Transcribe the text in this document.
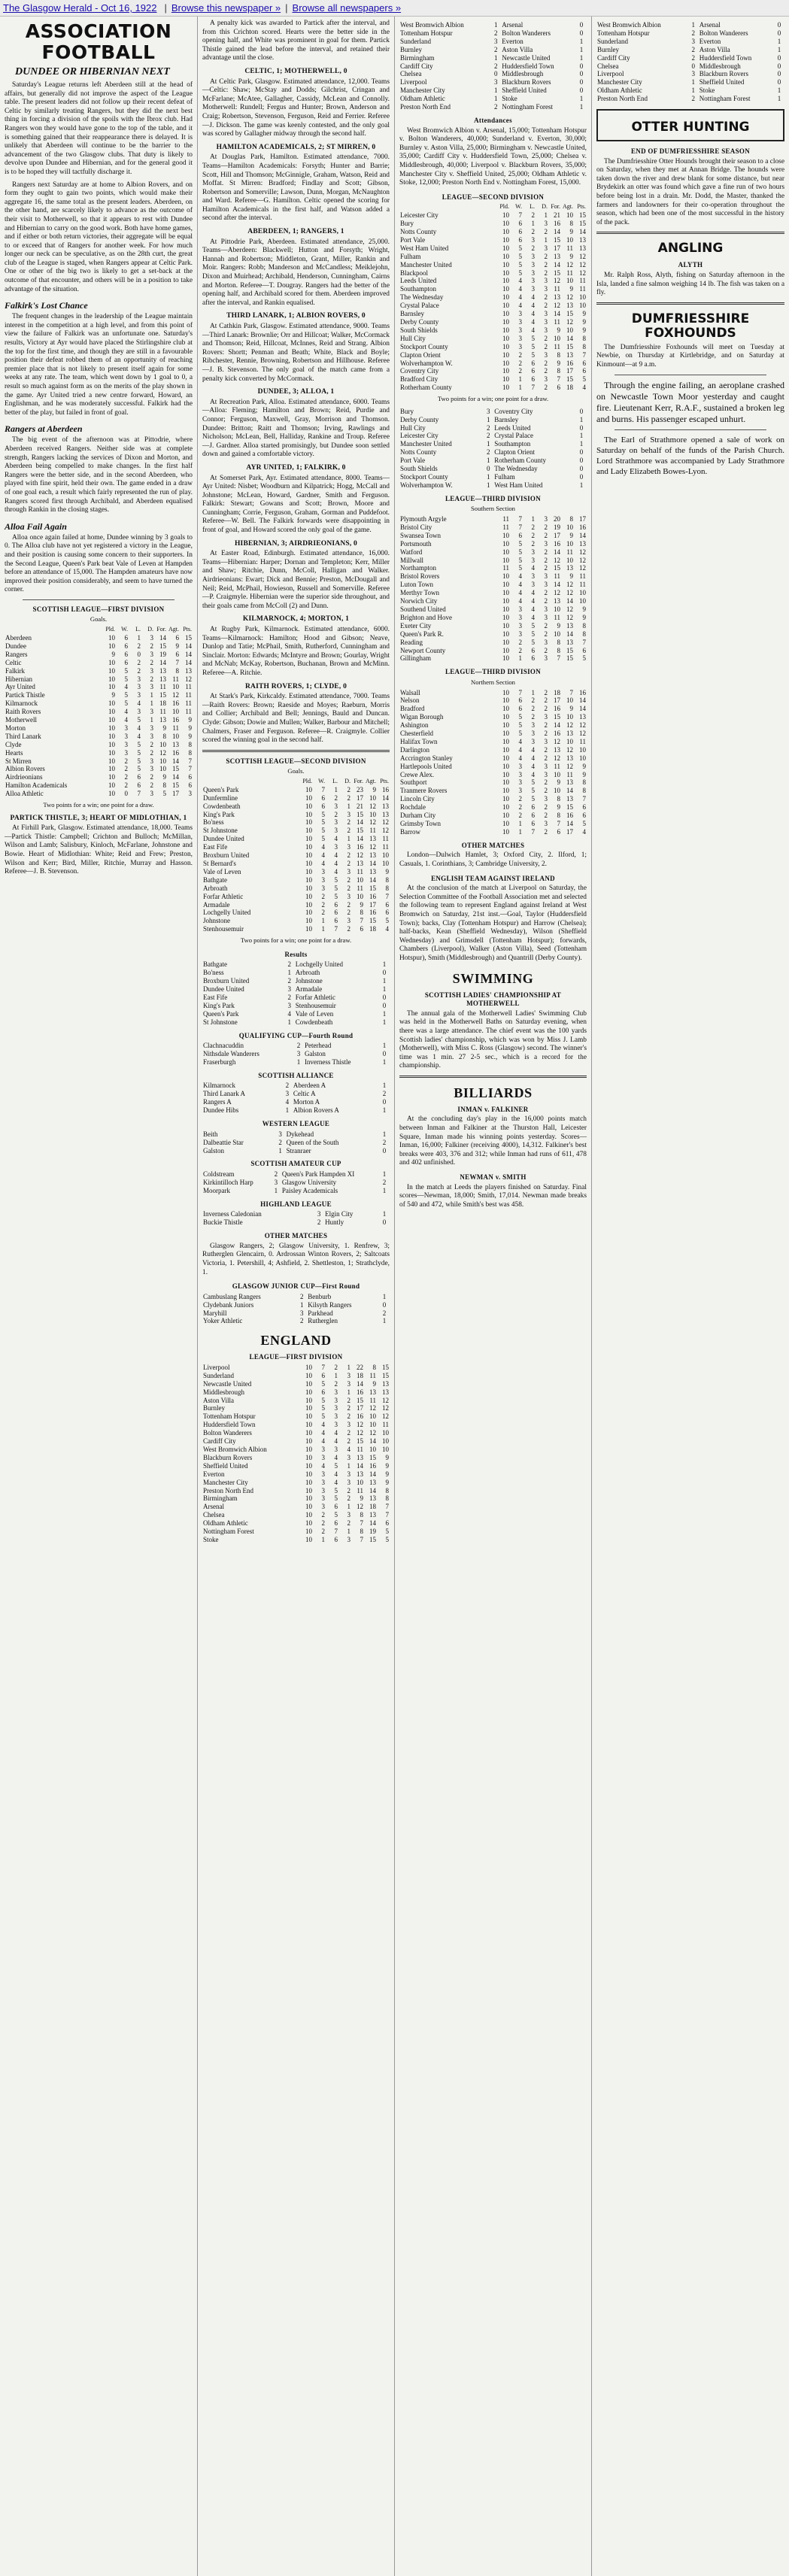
The Glasgow Herald - Oct 16, 1922 | Browse this newspaper » | Browse all newspapers »
ASSOCIATION FOOTBALL
DUNDEE OR HIBERNIAN NEXT

Saturday's League returns left Aberdeen still at the head of affairs, but generally did not improve the aspect of the League table. The present leaders did not follow up their recent defeat of Celtic by similarly treating Rangers, but they did the next best thing in forcing a division of the spoils with the Ibrox club. Had Rangers won they would have gone to the top of the table, and it is something gained that their reappearance there is delayed. It is unlikely that Aberdeen will continue to be the barrier to the advancement of the two Glasgow clubs. That duty is likely to devolve upon Dundee and Hibernian, and for the general good it is to be hoped they will tactfully discharge it.

Rangers next Saturday are at home to Albion Rovers, and on form they ought to gain two points, which would make their aggregate 16, the same total as the present leaders. Aberdeen, on the other hand, are scarcely likely to advance as the outcome of their visit to Motherwell, so that it appears to rest with Dundee and Hibernian to carry on the good work. Both have home games, and if either or both return victories, their aggregate will be equal to or exceed that of Rangers for another week. For how much longer our neck can be speculative, as on the 28th curt, the great club of the League is staged, when Rangers appear at Celtic Park. One or other of the big two is likely to get a set-back at the outcome of that encounter, and others will be in a position to take advantage of the situation.

Falkirk's Lost Chance

The frequent changes in the leadership of the League maintain interest in the competition at a high level, and from this point of view the failure of Falkirk was an unfortunate one. Saturday's results, Victory at Ayr would have placed the Stirlingshire club at the top for the first time, and though they are still in a favourable position their defeat robbed them of an opportunity of reaching premier place that is not likely to present itself again for some weeks at any rate. The team, which went down by 1 goal to 0, a result so much against form as on the merits of the play shown in the game. Ayr United tried a new centre forward, Howard, an Englishman, and he was moderately successful. Falkirk had the better of the play, but failed in front of goal.

Rangers at Aberdeen

The big event of the afternoon was at Pittodrie, where Aberdeen received Rangers. Neither side was at complete strength, Rangers lacking the services of Dixon and Morton, and Aberdeen being compelled to make changes. In the first half Rangers were the better side, and in the second Aberdeen, who played with fine spirit, held their own. The game ended in a draw of one goal each, a result which fairly represented the run of play. Rangers scored first through Archibald, and Aberdeen equalised through Rankin in the closing stages.

Alloa Fail Again

Alloa once again failed at home, Dundee winning by 3 goals to 0. The Alloa club have not yet registered a victory in the League, and their position is causing some concern to their supporters. In the Second League, Queen's Park beat Vale of Leven at Hampden before an attendance of 15,000. The Hampden amateurs have now improved their position considerably, and seem to have turned the corner.

SCOTTISH LEAGUE—FIRST DIVISION
Goals.
	Pld.	W.	L.	D.	For.	Agt.	Pts.
Aberdeen	10	6	1	3	14	6	15
Dundee	10	6	2	2	15	9	14
Rangers	9	6	0	3	19	6	14
Celtic	10	6	2	2	14	7	14
Falkirk	10	5	2	3	13	8	13
Hibernian	10	5	3	2	13	11	12
Ayr United	10	4	3	3	11	10	11
Partick Thistle	9	5	3	1	15	12	11
Kilmarnock	10	5	4	1	18	16	11
Raith Rovers	10	4	3	3	11	10	11
Motherwell	10	4	5	1	13	16	9
Morton	10	3	4	3	9	11	9
Third Lanark	10	3	4	3	8	10	9
Clyde	10	3	5	2	10	13	8
Hearts	10	3	5	2	12	16	8
St Mirren	10	2	5	3	10	14	7
Albion Rovers	10	2	5	3	10	15	7
Airdrieonians	10	2	6	2	9	14	6
Hamilton Academicals	10	2	6	2	8	15	6
Alloa Athletic	10	0	7	3	5	17	3
Two points for a win; one point for a draw.
PARTICK THISTLE, 3; HEART OF MIDLOTHIAN, 1

At Firhill Park, Glasgow. Estimated attendance, 18,000. Teams—Partick Thistle: Campbell; Crichton and Bulloch; McMillan, Wilson and Lamb; Salisbury, Kinloch, McFarlane, Johnstone and Bowie. Heart of Midlothian: White; Reid and Frew; Preston, Wilson and Kerr; Bird, Miller, Ritchie, Murray and Hasson. Referee—J. B. Stevenson.

A penalty kick was awarded to Partick after the interval, and from this Crichton scored. Hearts were the better side in the opening half, and White was prominent in goal for them. Partick Thistle gained the lead before the interval, and retained their advantage until the close.

CELTIC, 1; MOTHERWELL, 0

At Celtic Park, Glasgow. Estimated attendance, 12,000. Teams—Celtic: Shaw; McStay and Dodds; Gilchrist, Cringan and McFarlane; McAtee, Gallagher, Cassidy, McLean and Connolly. Motherwell: Rundell; Fergus and Hunter; Brown, Anderson and Craig; Robertson, Stevenson, Ferguson, Reid and Ferrier. Referee—J. Dickson. The game was keenly contested, and the only goal was scored by Gallagher midway through the second half.

HAMILTON ACADEMICALS, 2; ST MIRREN, 0

At Douglas Park, Hamilton. Estimated attendance, 7000. Teams—Hamilton Academicals: Forsyth; Hunter and Barrie; Scott, Hill and Thomson; McGinnigle, Graham, Watson, Reid and Moffat. St Mirren: Bradford; Findlay and Scott; Gibson, Robertson and Somerville; Lawson, Dunn, Morgan, McNaughton and Ward. Referee—G. Hamilton. Celtic opened the scoring for Hamilton Academicals in the first half, and Watson added a second after the interval.

ABERDEEN, 1; RANGERS, 1

At Pittodrie Park, Aberdeen. Estimated attendance, 25,000. Teams—Aberdeen: Blackwell; Hutton and Forsyth; Wright, Hannah and Robertson; Middleton, Grant, Miller, Rankin and Moir. Rangers: Robb; Manderson and McCandless; Meiklejohn, Dixon and Muirhead; Archibald, Henderson, Cunningham, Cairns and Morton. Referee—T. Dougray. Rangers had the better of the opening half, and Archibald scored for them. Aberdeen improved after the interval, and Rankin equalised.

THIRD LANARK, 1; ALBION ROVERS, 0

At Cathkin Park, Glasgow. Estimated attendance, 9000. Teams—Third Lanark: Brownlie; Orr and Hillcoat; Walker, McCormack and Thomson; Reid, Hillcoat, McInnes, Reid and Strang. Albion Rovers: Shortt; Penman and Beath; White, Black and Boyle; Ribchester, Rennie, Browning, Robertson and Hillhouse. Referee—J. B. Stevenson. The only goal of the match came from a penalty kick converted by McCormack.

DUNDEE, 3; ALLOA, 1

At Recreation Park, Alloa. Estimated attendance, 6000. Teams—Alloa: Fleming; Hamilton and Brown; Reid, Purdie and Connor; Ferguson, Maxwell, Gray, Morrison and Thomson. Dundee: Britton; Raitt and Thomson; Irving, Rawlings and Nicholson; McLean, Bell, Halliday, Rankine and Troup. Referee—J. Gardner. Alloa started promisingly, but Dundee soon settled down and gained a comfortable victory.

AYR UNITED, 1; FALKIRK, 0

At Somerset Park, Ayr. Estimated attendance, 8000. Teams—Ayr United: Nisbet; Woodburn and Kilpatrick; Hogg, McCall and Johnstone; McLean, Howard, Gardner, Smith and Ferguson. Falkirk: Stewart; Gowans and Scott; Brown, Moore and Cunningham; Corrie, Ferguson, Graham, Gorman and Puddefoot. Referee—W. Bell. The Falkirk forwards were disappointing in front of goal, and Howard scored the only goal of the game.

HIBERNIAN, 3; AIRDRIEONIANS, 0

At Easter Road, Edinburgh. Estimated attendance, 16,000. Teams—Hibernian: Harper; Dornan and Templeton; Kerr, Miller and Shaw; Ritchie, Dunn, McColl, Halligan and Walker. Airdrieonians: Ewart; Dick and Bennie; Preston, McDougall and Neil; Reid, McPhail, Howieson, Russell and Somerville. Referee—P. Craigmyle. Hibernian were the superior side throughout, and their goals came from McColl (2) and Dunn.

KILMARNOCK, 4; MORTON, 1

At Rugby Park, Kilmarnock. Estimated attendance, 6000. Teams—Kilmarnock: Hamilton; Hood and Gibson; Neave, Dunlop and Tatie; McPhail, Smith, Rutherford, Cunningham and Sinclair. Morton: Edwards; McIntyre and Brown; Gourlay, Wright and McNab; McKay, Robertson, Buchanan, Brown and McMinn. Referee—A. Ritchie.

RAITH ROVERS, 1; CLYDE, 0

At Stark's Park, Kirkcaldy. Estimated attendance, 7000. Teams—Raith Rovers: Brown; Raeside and Moyes; Raeburn, Morris and Collier; Archibald and Bell; Jennings, Bauld and Duncan. Clyde: Gibson; Dowie and Mullen; Walker, Barbour and Mitchell; Chalmers, Fraser and Ferguson. Referee—R. Craigmyle. Collier scored the winning goal in the second half.

SCOTTISH LEAGUE—SECOND DIVISION
Goals.
	Pld.	W.	L.	D.	For.	Agt.	Pts.
Queen's Park	10	7	1	2	23	9	16
Dunfermline	10	6	2	2	17	10	14
Cowdenbeath	10	6	3	1	21	12	13
King's Park	10	5	2	3	15	10	13
Bo'ness	10	5	3	2	14	12	12
St Johnstone	10	5	3	2	15	11	12
Dundee United	10	5	4	1	14	13	11
East Fife	10	4	3	3	16	12	11
Broxburn United	10	4	4	2	12	13	10
St Bernard's	10	4	4	2	13	14	10
Vale of Leven	10	3	4	3	11	13	9
Bathgate	10	3	5	2	10	14	8
Arbroath	10	3	5	2	11	15	8
Forfar Athletic	10	2	5	3	10	16	7
Armadale	10	2	6	2	9	17	6
Lochgelly United	10	2	6	2	8	16	6
Johnstone	10	1	6	3	7	15	5
Stenhousemuir	10	1	7	2	6	18	4
Two points for a win; one point for a draw.
Results
Bathgate	2	Lochgelly United	1
Bo'ness	1	Arbroath	0
Broxburn United	2	Johnstone	1
Dundee United	3	Armadale	1
East Fife	2	Forfar Athletic	0
King's Park	3	Stenhousemuir	0
Queen's Park	4	Vale of Leven	1
St Johnstone	1	Cowdenbeath	1
QUALIFYING CUP—Fourth Round
Clachnacuddin	2	Peterhead	1
Nithsdale Wanderers	3	Galston	0
Fraserburgh	1	Inverness Thistle	1
SCOTTISH ALLIANCE
Kilmarnock	2	Aberdeen A	1
Third Lanark A	3	Celtic A	2
Rangers A	4	Morton A	0
Dundee Hibs	1	Albion Rovers A	1
WESTERN LEAGUE
Beith	3	Dykehead	1
Dalbeattie Star	2	Queen of the South	2
Galston	1	Stranraer	0
SCOTTISH AMATEUR CUP
Coldstream	2	Queen's Park Hampden XI	1
Kirkintilloch Harp	3	Glasgow University	2
Moorpark	1	Paisley Academicals	1
HIGHLAND LEAGUE
Inverness Caledonian	3	Elgin City	1
Buckie Thistle	2	Huntly	0
OTHER MATCHES

Glasgow Rangers, 2; Glasgow University, 1. Renfrew, 3; Rutherglen Glencairn, 0. Ardrossan Winton Rovers, 2; Saltcoats Victoria, 1. Petershill, 4; Ashfield, 2. Shettleston, 1; Strathclyde, 1.

GLASGOW JUNIOR CUP—First Round
Cambuslang Rangers	2	Benburb	1
Clydebank Juniors	1	Kilsyth Rangers	0
Maryhill	3	Parkhead	2
Yoker Athletic	2	Rutherglen	1
ENGLAND
LEAGUE—FIRST DIVISION
Liverpool	10	7	2	1	22	8	15
Sunderland	10	6	1	3	18	11	15
Newcastle United	10	5	2	3	14	9	13
Middlesbrough	10	6	3	1	16	13	13
Aston Villa	10	5	3	2	15	11	12
Burnley	10	5	3	2	17	12	12
Tottenham Hotspur	10	5	3	2	16	10	12
Huddersfield Town	10	4	3	3	12	10	11
Bolton Wanderers	10	4	4	2	12	12	10
Cardiff City	10	4	4	2	15	14	10
West Bromwich Albion	10	3	3	4	11	10	10
Blackburn Rovers	10	3	4	3	13	15	9
Sheffield United	10	4	5	1	14	16	9
Everton	10	3	4	3	13	14	9
Manchester City	10	3	4	3	10	13	9
Preston North End	10	3	5	2	11	14	8
Birmingham	10	3	5	2	9	13	8
Arsenal	10	3	6	1	12	18	7
Chelsea	10	2	5	3	8	13	7
Oldham Athletic	10	2	6	2	7	14	6
Nottingham Forest	10	2	7	1	8	19	5
Stoke	10	1	6	3	7	15	5
West Bromwich Albion	1	Arsenal	0
Tottenham Hotspur	2	Bolton Wanderers	0
Sunderland	3	Everton	1
Burnley	2	Aston Villa	1
Birmingham	1	Newcastle United	1
Cardiff City	2	Huddersfield Town	0
Chelsea	0	Middlesbrough	0
Liverpool	3	Blackburn Rovers	0
Manchester City	1	Sheffield United	0
Oldham Athletic	1	Stoke	1
Preston North End	2	Nottingham Forest	1
Attendances

West Bromwich Albion v. Arsenal, 15,000; Tottenham Hotspur v. Bolton Wanderers, 40,000; Sunderland v. Everton, 30,000; Burnley v. Aston Villa, 25,000; Birmingham v. Newcastle United, 35,000; Cardiff City v. Huddersfield Town, 25,000; Chelsea v. Middlesbrough, 40,000; Liverpool v. Blackburn Rovers, 35,000; Manchester City v. Sheffield United, 25,000; Oldham Athletic v. Stoke, 12,000; Preston North End v. Nottingham Forest, 15,000.

LEAGUE—SECOND DIVISION
	Pld.	W.	L.	D.	For.	Agt.	Pts.
Leicester City	10	7	2	1	21	10	15
Bury	10	6	1	3	16	8	15
Notts County	10	6	2	2	14	9	14
Port Vale	10	6	3	1	15	10	13
West Ham United	10	5	2	3	17	11	13
Fulham	10	5	3	2	13	9	12
Manchester United	10	5	3	2	14	12	12
Blackpool	10	5	3	2	15	11	12
Leeds United	10	4	3	3	12	10	11
Southampton	10	4	3	3	11	9	11
The Wednesday	10	4	4	2	13	12	10
Crystal Palace	10	4	4	2	12	13	10
Barnsley	10	3	4	3	14	15	9
Derby County	10	3	4	3	11	12	9
South Shields	10	3	4	3	9	10	9
Hull City	10	3	5	2	10	14	8
Stockport County	10	3	5	2	11	15	8
Clapton Orient	10	2	5	3	8	13	7
Wolverhampton W.	10	2	6	2	9	16	6
Coventry City	10	2	6	2	8	17	6
Bradford City	10	1	6	3	7	15	5
Rotherham County	10	1	7	2	6	18	4
Two points for a win; one point for a draw.
Bury	3	Coventry City	0
Derby County	1	Barnsley	1
Hull City	2	Leeds United	0
Leicester City	2	Crystal Palace	1
Manchester United	1	Southampton	1
Notts County	2	Clapton Orient	0
Port Vale	1	Rotherham County	0
South Shields	0	The Wednesday	0
Stockport County	1	Fulham	0
Wolverhampton W.	1	West Ham United	1
LEAGUE—THIRD DIVISION
Southern Section
Plymouth Argyle	11	7	1	3	20	8	17
Bristol City	11	7	2	2	19	10	16
Swansea Town	10	6	2	2	17	9	14
Portsmouth	10	5	2	3	16	10	13
Watford	10	5	3	2	14	11	12
Millwall	10	5	3	2	12	10	12
Northampton	11	5	4	2	15	13	12
Bristol Rovers	10	4	3	3	11	9	11
Luton Town	10	4	3	3	14	12	11
Merthyr Town	10	4	4	2	12	12	10
Norwich City	10	4	4	2	13	14	10
Southend United	10	3	4	3	10	12	9
Brighton and Hove	10	3	4	3	11	12	9
Exeter City	10	3	5	2	9	13	8
Queen's Park R.	10	3	5	2	10	14	8
Reading	10	2	5	3	8	13	7
Newport County	10	2	6	2	8	15	6
Gillingham	10	1	6	3	7	15	5
LEAGUE—THIRD DIVISION
Northern Section
Walsall	10	7	1	2	18	7	16
Nelson	10	6	2	2	17	10	14
Bradford	10	6	2	2	16	9	14
Wigan Borough	10	5	2	3	15	10	13
Ashington	10	5	3	2	14	12	12
Chesterfield	10	5	3	2	16	13	12
Halifax Town	10	4	3	3	12	10	11
Darlington	10	4	4	2	13	12	10
Accrington Stanley	10	4	4	2	12	13	10
Hartlepools United	10	3	4	3	11	12	9
Crewe Alex.	10	3	4	3	10	11	9
Southport	10	3	5	2	9	13	8
Tranmere Rovers	10	3	5	2	10	14	8
Lincoln City	10	2	5	3	8	13	7
Rochdale	10	2	6	2	9	15	6
Durham City	10	2	6	2	8	16	6
Grimsby Town	10	1	6	3	7	14	5
Barrow	10	1	7	2	6	17	4
OTHER MATCHES

London—Dulwich Hamlet, 3; Oxford City, 2. Ilford, 1; Casuals, 1. Corinthians, 3; Cambridge University, 2.

ENGLISH TEAM AGAINST IRELAND

At the conclusion of the match at Liverpool on Saturday, the Selection Committee of the Football Association met and selected the following team to represent England against Ireland at West Bromwich on Saturday, 21st inst.—Goal, Taylor (Huddersfield Town); backs, Clay (Tottenham Hotspur) and Harrow (Chelsea); half-backs, Kean (Sheffield Wednesday), Wilson (Sheffield Wednesday) and Grimsdell (Tottenham Hotspur); forwards, Chambers (Liverpool), Walker (Aston Villa), Seed (Tottenham Hotspur), Smith (Middlesbrough) and Quantrill (Derby County).

SWIMMING
SCOTTISH LADIES' CHAMPIONSHIP AT MOTHERWELL

The annual gala of the Motherwell Ladies' Swimming Club was held in the Motherwell Baths on Saturday evening, when there was a large attendance. The chief event was the 100 yards Scottish ladies' championship, which was won by Miss J. Lamb (Motherwell), with Miss C. Ross (Glasgow) second. The winner's time was 1 min. 27 2-5 sec., which is a record for the championship.

BILLIARDS
INMAN v. FALKINER

At the concluding day's play in the 16,000 points match between Inman and Falkiner at the Thurston Hall, Leicester Square, Inman made his winning points yesterday. Scores—Inman, 16,000; Falkiner (receiving 4000), 14,312. Falkiner's best breaks were 403, 376 and 312; while Inman had runs of 611, 478 and 402 unfinished.

NEWMAN v. SMITH

In the match at Leeds the players finished on Saturday. Final scores—Newman, 18,000; Smith, 17,014. Newman made breaks of 540 and 472, while Smith's best was 458.

West Bromwich Albion	1	Arsenal	0
Tottenham Hotspur	2	Bolton Wanderers	0
Sunderland	3	Everton	1
Burnley	2	Aston Villa	1
Cardiff City	2	Huddersfield Town	0
Chelsea	0	Middlesbrough	0
Liverpool	3	Blackburn Rovers	0
Manchester City	1	Sheffield United	0
Oldham Athletic	1	Stoke	1
Preston North End	2	Nottingham Forest	1
OTTER HUNTING
END OF DUMFRIESSHIRE SEASON

The Dumfriesshire Otter Hounds brought their season to a close on Saturday, when they met at Annan Bridge. The hounds were taken down the river and drew blank for some distance, but near Brydekirk an otter was found which gave a fine run of two hours before being lost in a drain. Mr. Dodd, the Master, thanked the farmers and landowners for their co-operation throughout the season, which had been one of the most successful in the history of the pack.

ANGLING
ALYTH

Mr. Ralph Ross, Alyth, fishing on Saturday afternoon in the Isla, landed a fine salmon weighing 14 lb. The fish was taken on a fly.

DUMFRIESSHIRE FOXHOUNDS

The Dumfriesshire Foxhounds will meet on Tuesday at Newbie, on Thursday at Kirtlebridge, and on Saturday at Kinmount—at 9 a.m.

Through the engine failing, an aeroplane crashed on Newcastle Town Moor yesterday and caught fire. Lieutenant Kerr, R.A.F., sustained a broken leg and burns. His passenger escaped unhurt.

The Earl of Strathmore opened a sale of work on Saturday on behalf of the funds of the Parish Church. Lord Strathmore was accompanied by Lady Strathmore and Lady Elizabeth Bowes-Lyon.
